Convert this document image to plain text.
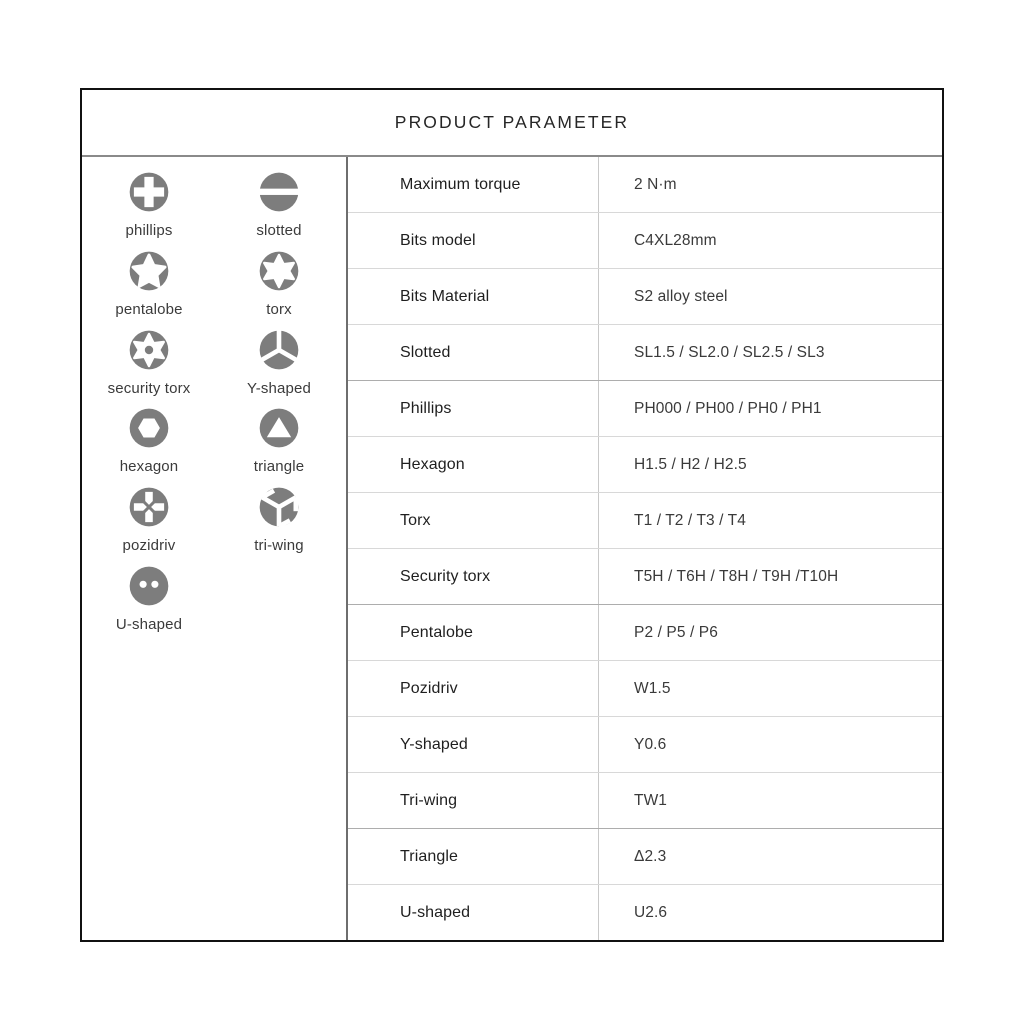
PRODUCT PARAMETER
phillips	slotted
pentalobe	torx
security torx	Y-shaped
hexagon	triangle
pozidriv	tri-wing
U-shaped
Maximum torque	2 N·m
Bits model	C4XL28mm
Bits Material	S2 alloy steel
Slotted	SL1.5 / SL2.0 / SL2.5 / SL3
Phillips	PH000 / PH00 / PH0 / PH1
Hexagon	H1.5 / H2 / H2.5
Torx	T1 / T2 / T3 / T4
Security torx	T5H / T6H / T8H / T9H /T10H
Pentalobe	P2 / P5 / P6
Pozidriv	W1.5
Y-shaped	Y0.6
Tri-wing	TW1
Triangle	Δ2.3
U-shaped	U2.6
